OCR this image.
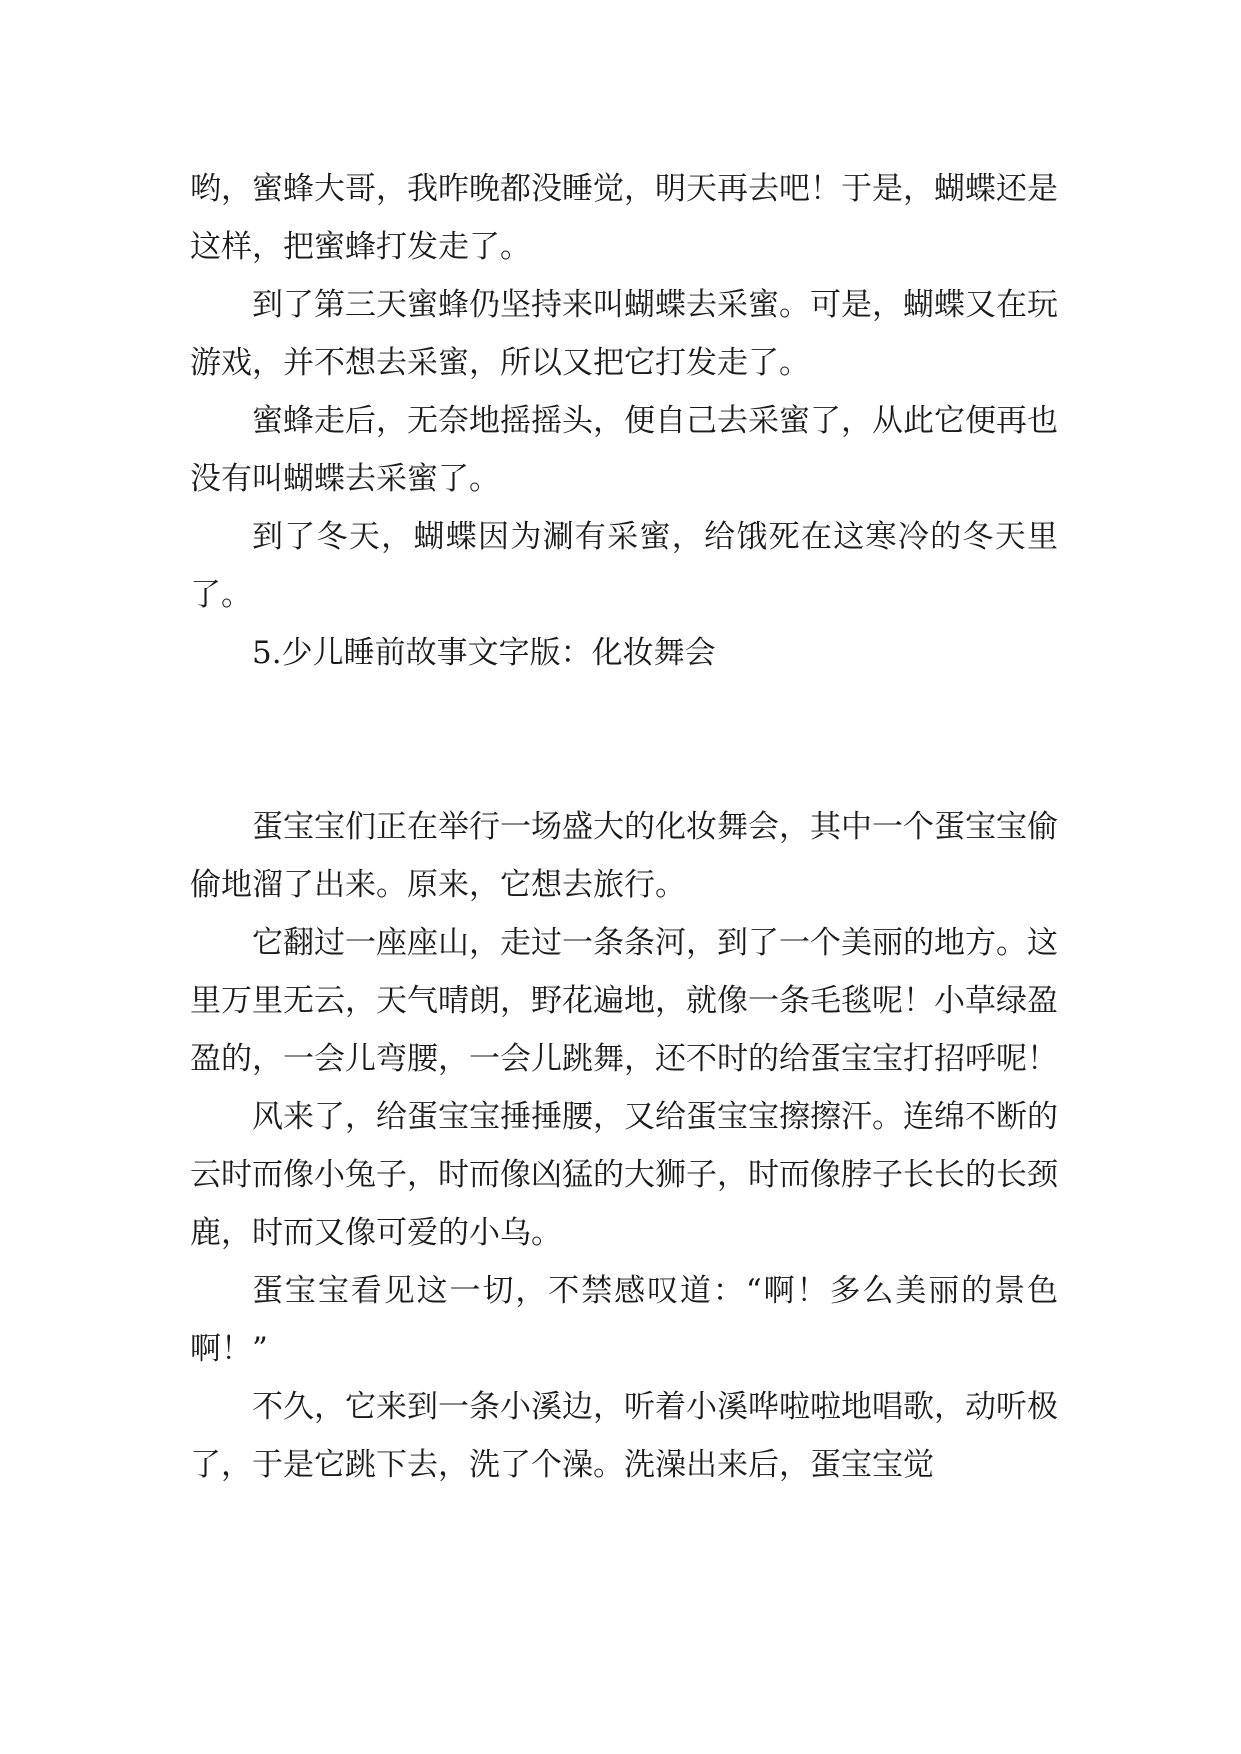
哟，蜜蜂大哥，我昨晚都没睡觉，明天再去吧！于是，蝴蝶还是这样，把蜜蜂打发走了。

到了第三天蜜蜂仍坚持来叫蝴蝶去采蜜。可是，蝴蝶又在玩游戏，并不想去采蜜，所以又把它打发走了。

蜜蜂走后，无奈地摇摇头，便自己去采蜜了，从此它便再也没有叫蝴蝶去采蜜了。

到了冬天，蝴蝶因为涮有采蜜，给饿死在这寒冷的冬天里了。

5.少儿睡前故事文字版：化妆舞会

蛋宝宝们正在举行一场盛大的化妆舞会，其中一个蛋宝宝偷偷地溜了出来。原来，它想去旅行。

它翻过一座座山，走过一条条河，到了一个美丽的地方。这里万里无云，天气晴朗，野花遍地，就像一条毛毯呢！小草绿盈盈的，一会儿弯腰，一会儿跳舞，还不时的给蛋宝宝打招呼呢！

风来了，给蛋宝宝捶捶腰，又给蛋宝宝擦擦汗。连绵不断的云时而像小兔子，时而像凶猛的大狮子，时而像脖子长长的长颈鹿，时而又像可爱的小乌。

蛋宝宝看见这一切，不禁感叹道：“啊！多么美丽的景色啊！”

不久，它来到一条小溪边，听着小溪哗啦啦地唱歌，动听极了，于是它跳下去，洗了个澡。洗澡出来后，蛋宝宝觉
